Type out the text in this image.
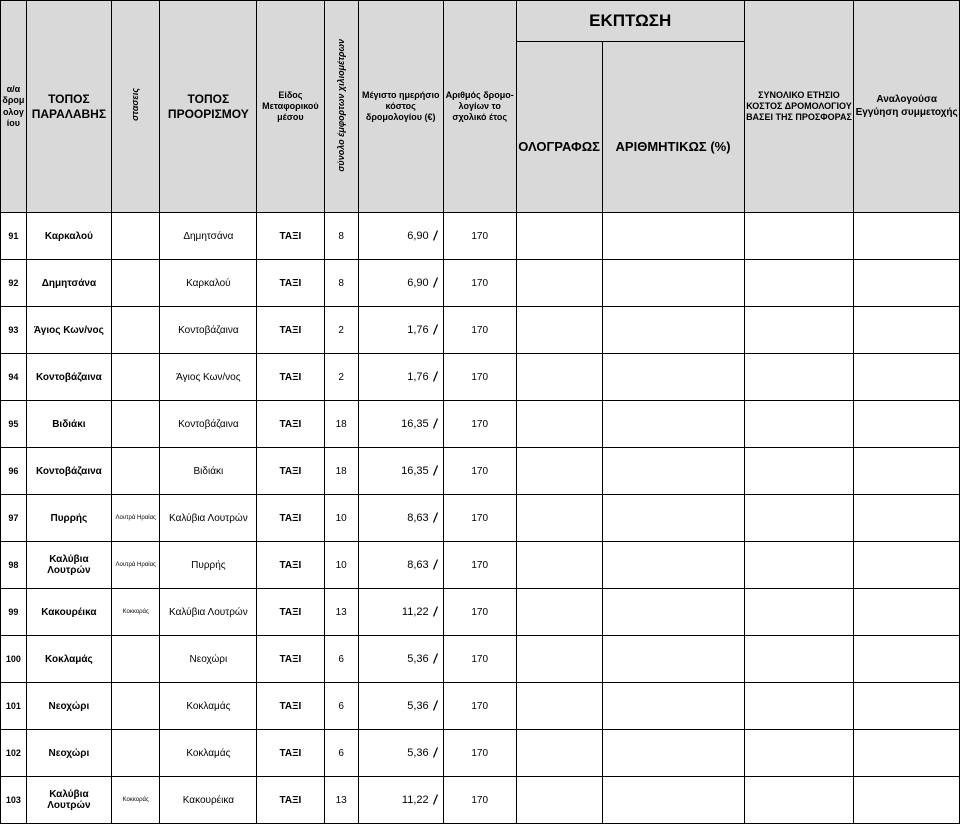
α/α δρομ ολογ ίου	ΤΟΠΟΣ ΠΑΡΑΛΑΒΗΣ	στασεις	ΤΟΠΟΣ ΠΡΟΟΡΙΣΜΟΥ	Είδος Μεταφορικού μέσου	σύνολο έμφορτων χιλιομέτρων	Μέγιστο ημερήσιο κόστος δρομολογίου (€)	Αριθμός δρομο-λογίων το σχολικό έτος	ΕΚΠΤΩΣΗ		ΣΥΝΟΛΙΚΟ ΕΤΗΣΙΟ ΚΟΣΤΟΣ ΔΡΟΜΟΛΟΓΙΟΥ ΒΑΣΕΙ ΤΗΣ ΠΡΟΣΦΟΡΑΣ	Αναλογούσα Εγγύηση συμμετοχής
								ΟΛΟΓΡΑΦΩΣ	ΑΡΙΘΜΗΤΙΚΩΣ (%)		
91	Καρκαλού		Δημητσάνα	ΤΑΞΙ	8	6,90	170				
92	Δημητσάνα		Καρκαλού	ΤΑΞΙ	8	6,90	170				
93	Άγιος Κων/νος		Κοντοβάζαινα	ΤΑΞΙ	2	1,76	170				
94	Κοντοβάζαινα		Άγιος Κων/νος	ΤΑΞΙ	2	1,76	170				
95	Βιδιάκι		Κοντοβάζαινα	ΤΑΞΙ	18	16,35	170				
96	Κοντοβάζαινα		Βιδιάκι	ΤΑΞΙ	18	16,35	170				
97	Πυρρής	Λουτρά Ηραίας	Καλύβια Λουτρών	ΤΑΞΙ	10	8,63	170				
98	Καλύβια Λουτρών	Λουτρά Ηραίας	Πυρρής	ΤΑΞΙ	10	8,63	170				
99	Κακουρέικα	Κοκκοράς	Καλύβια Λουτρών	ΤΑΞΙ	13	11,22	170				
100	Κοκλαμάς		Νεοχώρι	ΤΑΞΙ	6	5,36	170				
101	Νεοχώρι		Κοκλαμάς	ΤΑΞΙ	6	5,36	170				
102	Νεοχώρι		Κοκλαμάς	ΤΑΞΙ	6	5,36	170				
103	Καλύβια Λουτρών	Κοκκοράς	Κακουρέικα	ΤΑΞΙ	13	11,22	170				
